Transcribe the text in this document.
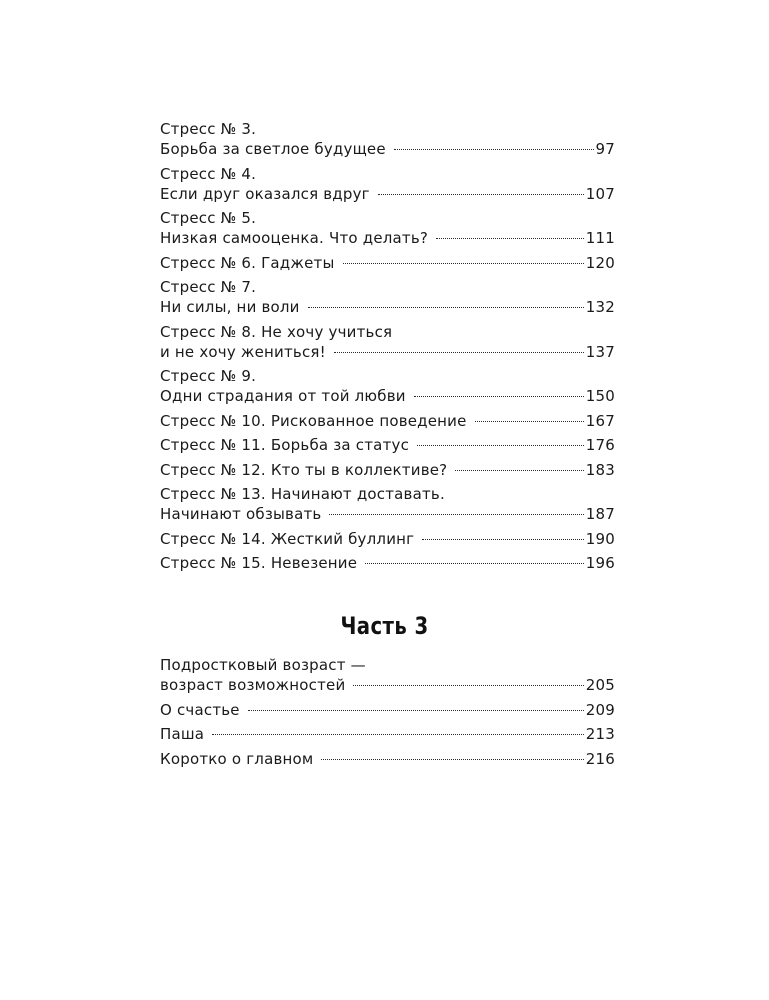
Стресс № 3.
Борьба за светлое будущее	97
Стресс № 4.
Если друг оказался вдруг	107
Стресс № 5.
Низкая самооценка. Что делать?	111
Стресс № 6. Гаджеты	120
Стресс № 7.
Ни силы, ни воли	132
Стресс № 8. Не хочу учиться
и не хочу жениться!	137
Стресс № 9.
Одни страдания от той любви	150
Стресс № 10. Рискованное поведение	167
Стресс № 11. Борьба за статус	176
Стресс № 12. Кто ты в коллективе?	183
Стресс № 13. Начинают доставать.
Начинают обзывать	187
Стресс № 14. Жесткий буллинг	190
Стресс № 15. Невезение	196
Часть 3
Подростковый возраст —
возраст возможностей	205
О счастье	209
Паша	213
Коротко о главном	216
